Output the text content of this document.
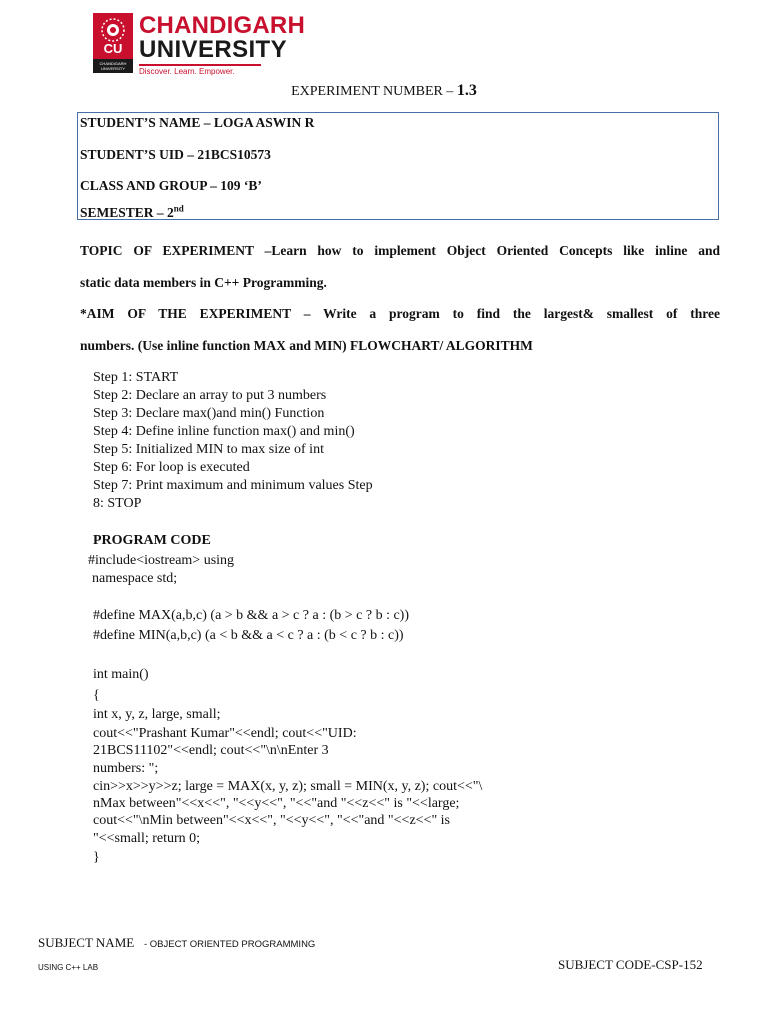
CU
CHANDIGARH UNIVERSITY
CHANDIGARH
UNIVERSITY
Discover. Learn. Empower.
EXPERIMENT NUMBER – 1.3
STUDENT’S NAME – LOGA ASWIN R
STUDENT’S UID – 21BCS10573
CLASS AND GROUP – 109 ‘B’
SEMESTER – 2nd
TOPIC OF EXPERIMENT –Learn how to implement Object Oriented Concepts like inline and
static data members in C++ Programming.
*AIM OF THE EXPERIMENT – Write a program to find the largest& smallest of three
numbers. (Use inline function MAX and MIN) FLOWCHART/ ALGORITHM
Step 1: START
Step 2: Declare an array to put 3 numbers
Step 3: Declare max()and min() Function
Step 4: Define inline function max() and min()
Step 5: Initialized MIN to max size of int
Step 6: For loop is executed
Step 7: Print maximum and minimum values Step
8: STOP
PROGRAM CODE
#include<iostream> using
namespace std;
#define MAX(a,b,c) (a > b && a > c ? a : (b > c ? b : c))
#define MIN(a,b,c) (a < b && a < c ? a : (b < c ? b : c))
int main()
{
int x, y, z, large, small;
cout<<"Prashant Kumar"<<endl; cout<<"UID:
21BCS11102"<<endl; cout<<"\n\nEnter 3
numbers: ";
cin>>x>>y>>z; large = MAX(x, y, z); small = MIN(x, y, z); cout<<"\
nMax between"<<x<<", "<<y<<", "<<"and "<<z<<" is "<<large;
cout<<"\nMin between"<<x<<", "<<y<<", "<<"and "<<z<<" is
"<<small; return 0;
}
SUBJECT NAME - OBJECT ORIENTED PROGRAMMING
USING C++ LAB	SUBJECT CODE-CSP-152
